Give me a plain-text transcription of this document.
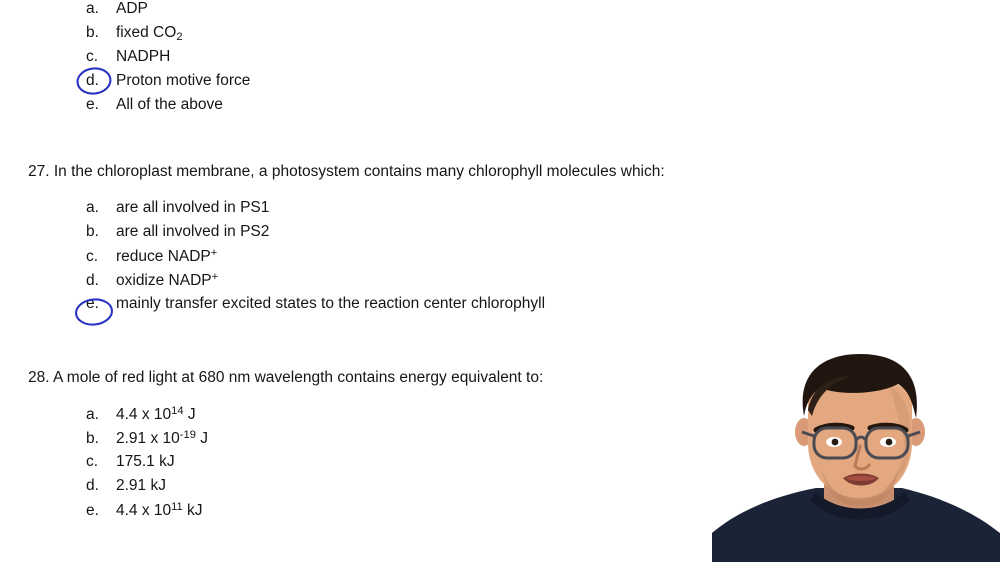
a.	ADP
b.	fixed $CO_2$
c.	NADPH
d.	Proton motive force
e.	All of the above
27. In the chloroplast membrane, a photosystem contains many chlorophyll molecules which:
a.	are all involved in PS1
b.	are all involved in PS2
c.	reduce NADP+
d.	oxidize NADP+
e.	mainly transfer excited states to the reaction center chlorophyll
28. A mole of red light at 680 nm wavelength contains energy equivalent to:
a.	4.4 x $10^{14}$ J
b.	2.91 x $10^{-19}$ J
c.	175.1 kJ
d.	2.91 kJ
e.	4.4 x $10^{11}$ kJ
